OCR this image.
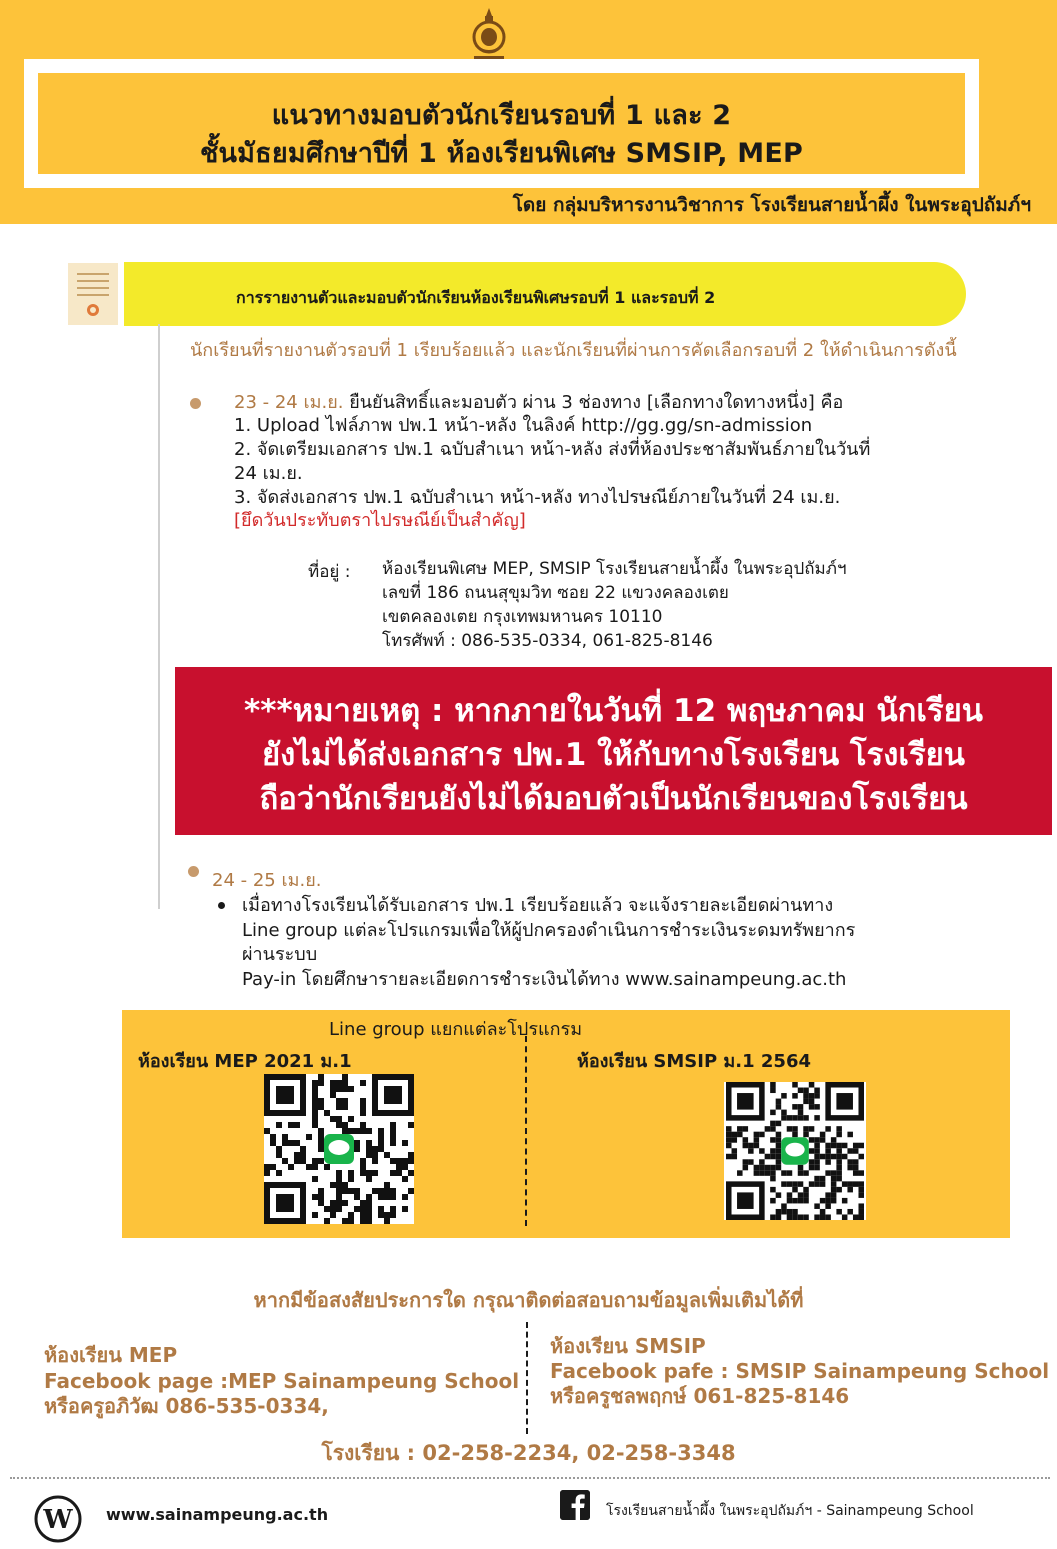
แนวทางมอบตัวนักเรียนรอบที่ 1 และ 2
ชั้นมัธยมศึกษาปีที่ 1 ห้องเรียนพิเศษ SMSIP, MEP
โดย กลุ่มบริหารงานวิชาการ โรงเรียนสายน้ำผึ้ง ในพระอุปถัมภ์ฯ
การรายงานตัวและมอบตัวนักเรียนห้องเรียนพิเศษรอบที่ 1 และรอบที่ 2
นักเรียนที่รายงานตัวรอบที่ 1 เรียบร้อยแล้ว และนักเรียนที่ผ่านการคัดเลือกรอบที่ 2 ให้ดำเนินการดังนี้
23 - 24 เม.ย. ยืนยันสิทธิ์และมอบตัว ผ่าน 3 ช่องทาง [เลือกทางใดทางหนึ่ง] คือ
1. Upload ไฟล์ภาพ ปพ.1 หน้า-หลัง ในลิงค์ http://gg.gg/sn-admission
2. จัดเตรียมเอกสาร ปพ.1 ฉบับสำเนา หน้า-หลัง ส่งที่ห้องประชาสัมพันธ์ภายในวันที่
24 เม.ย.
3. จัดส่งเอกสาร ปพ.1 ฉบับสำเนา หน้า-หลัง ทางไปรษณีย์ภายในวันที่ 24 เม.ย.
[ยึดวันประทับตราไปรษณีย์เป็นสำคัญ]
ที่อยู่ : ห้องเรียนพิเศษ MEP, SMSIP โรงเรียนสายน้ำผึ้ง ในพระอุปถัมภ์ฯ
เลขที่ 186 ถนนสุขุมวิท ซอย 22 แขวงคลองเตย
เขตคลองเตย กรุงเทพมหานคร 10110
โทรศัพท์ : 086-535-0334, 061-825-8146
***หมายเหตุ : หากภายในวันที่ 12 พฤษภาคม นักเรียน
ยังไม่ได้ส่งเอกสาร ปพ.1 ให้กับทางโรงเรียน โรงเรียน
ถือว่านักเรียนยังไม่ได้มอบตัวเป็นนักเรียนของโรงเรียน
24 - 25 เม.ย.
เมื่อทางโรงเรียนได้รับเอกสาร ปพ.1 เรียบร้อยแล้ว จะแจ้งรายละเอียดผ่านทาง
Line group แต่ละโปรแกรมเพื่อให้ผู้ปกครองดำเนินการชำระเงินระดมทรัพยากร
ผ่านระบบ
Pay-in โดยศึกษารายละเอียดการชำระเงินได้ทาง www.sainampeung.ac.th
Line group แยกแต่ละโปรแกรม
ห้องเรียน MEP 2021 ม.1	ห้องเรียน SMSIP ม.1 2564
หากมีข้อสงสัยประการใด กรุณาติดต่อสอบถามข้อมูลเพิ่มเติมได้ที่
ห้องเรียน MEP
Facebook page :MEP Sainampeung School
หรือครูอภิวัฒ 086-535-0334,
ห้องเรียน SMSIP
Facebook pafe : SMSIP Sainampeung School
หรือครูชลพฤกษ์ 061-825-8146
โรงเรียน : 02-258-2234, 02-258-3348
W www.sainampeung.ac.th	โรงเรียนสายน้ำผึ้ง ในพระอุปถัมภ์ฯ - Sainampeung School
